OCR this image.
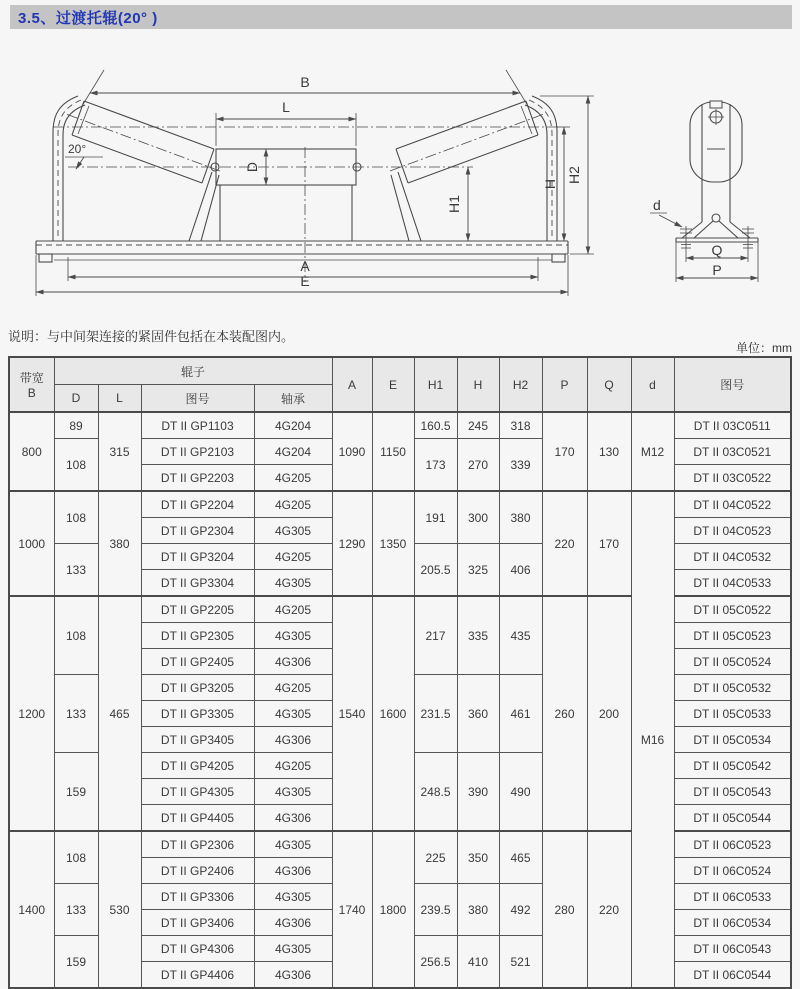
3.5、过渡托辊(20° )
B
L
D
20°
A
E
H1
H
H2
d
Q
P
说明：与中间架连接的紧固件包括在本装配图内。
单位：mm
带宽
B	辊子				A	E	H1	H	H2	P	Q	d	图号
	D	L	图号	轴承									
800	89	315	DT II GP1103	4G204	1090	1150	160.5	245	318	170	130	M12	DT II 03C0511
	108		DT II GP2103	4G204			173	270	339				DT II 03C0521
			DT II GP2203	4G205									DT II 03C0522
1000	108	380	DT II GP2204	4G205	1290	1350	191	300	380	220	170	M16	DT II 04C0522
			DT II GP2304	4G305									DT II 04C0523
	133		DT II GP3204	4G205			205.5	325	406				DT II 04C0532
			DT II GP3304	4G305									DT II 04C0533
1200	108	465	DT II GP2205	4G205	1540	1600	217	335	435	260	200		DT II 05C0522
			DT II GP2305	4G305									DT II 05C0523
			DT II GP2405	4G306									DT II 05C0524
	133		DT II GP3205	4G205			231.5	360	461				DT II 05C0532
			DT II GP3305	4G305									DT II 05C0533
			DT II GP3405	4G306									DT II 05C0534
	159		DT II GP4205	4G205			248.5	390	490				DT II 05C0542
			DT II GP4305	4G305									DT II 05C0543
			DT II GP4405	4G306									DT II 05C0544
1400	108	530	DT II GP2306	4G305	1740	1800	225	350	465	280	220		DT II 06C0523
			DT II GP2406	4G306									DT II 06C0524
	133		DT II GP3306	4G305			239.5	380	492				DT II 06C0533
			DT II GP3406	4G306									DT II 06C0534
	159		DT II GP4306	4G305			256.5	410	521				DT II 06C0543
			DT II GP4406	4G306									DT II 06C0544
